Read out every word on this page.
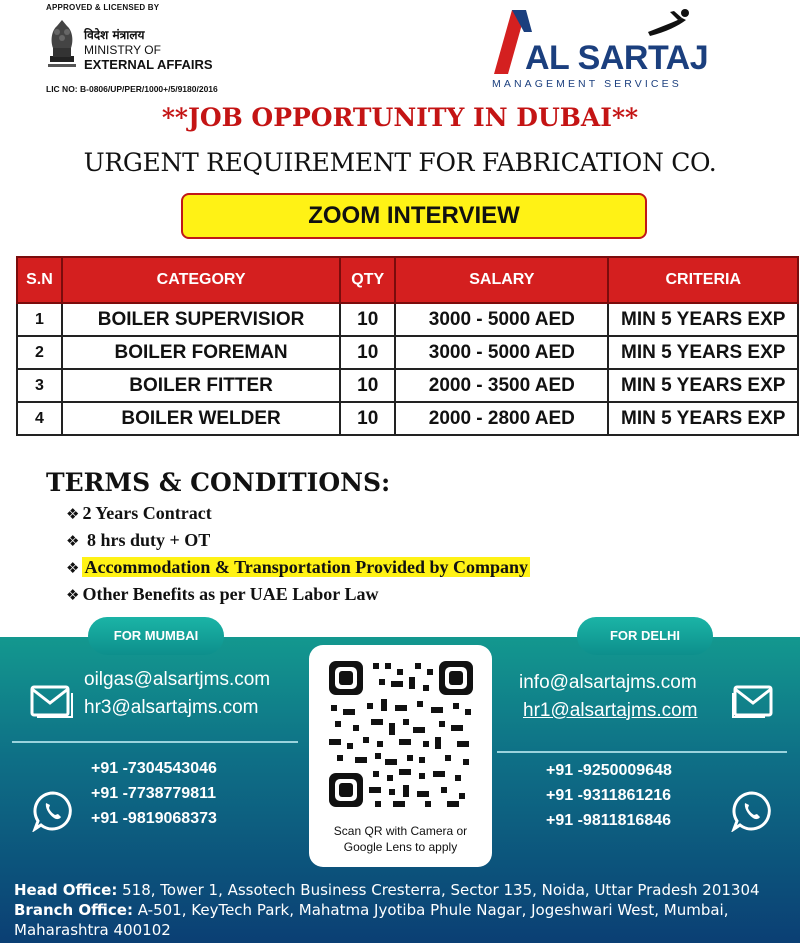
APPROVED & LICENSED BY
विदेश मंत्रालय
MINISTRY OF
EXTERNAL AFFAIRS
LIC NO: B-0806/UP/PER/1000+/5/9180/2016
AL SARTAJ
MANAGEMENT SERVICES
**JOB OPPORTUNITY IN DUBAI**
URGENT REQUIREMENT FOR FABRICATION CO.
ZOOM INTERVIEW
S.N	CATEGORY	QTY	SALARY	CRITERIA
1	BOILER SUPERVISIOR	10	3000 - 5000 AED	MIN 5 YEARS EXP
2	BOILER FOREMAN	10	3000 - 5000 AED	MIN 5 YEARS EXP
3	BOILER FITTER	10	2000 - 3500 AED	MIN 5 YEARS EXP
4	BOILER WELDER	10	2000 - 2800 AED	MIN 5 YEARS EXP
TERMS & CONDITIONS:
❖ 2 Years Contract
❖ 8 hrs duty + OT
❖ Accommodation & Transportation Provided by Company
❖ Other Benefits as per UAE Labor Law
FOR MUMBAI	FOR DELHI
oilgas@alsartjms.com
hr3@alsartajms.com
+91 -7304543046
+91 -7738779811
+91 -9819068373
Scan QR with Camera or
Google Lens to apply
info@alsartajms.com
hr1@alsartajms.com
+91 -9250009648
+91 -9311861216
+91 -9811816846
Head Office: 518, Tower 1, Assotech Business Cresterra, Sector 135, Noida, Uttar Pradesh 201304
Branch Office: A-501, KeyTech Park, Mahatma Jyotiba Phule Nagar, Jogeshwari West, Mumbai, Maharashtra 400102
